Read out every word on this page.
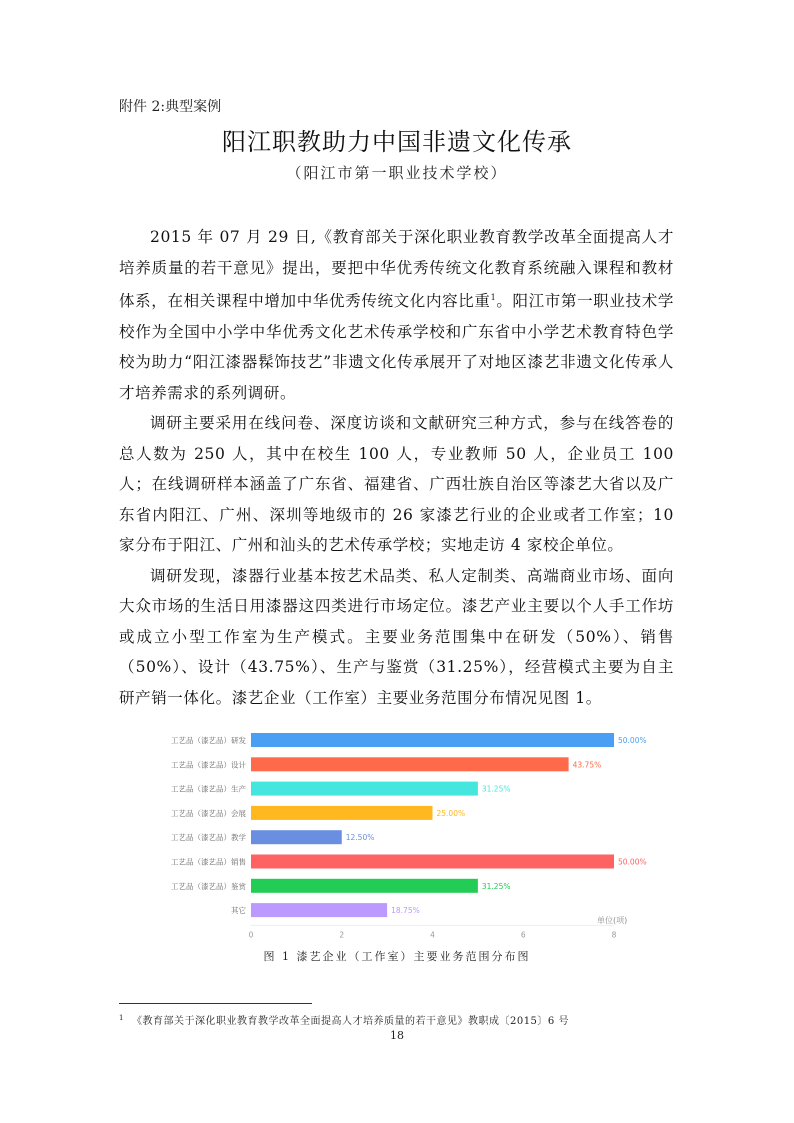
附件 2:典型案例
阳江职教助力中国非遗文化传承
（阳江市第一职业技术学校）

2015 年 07 月 29 日,《教育部关于深化职业教育教学改革全面提高人才培养质量的若干意见》提出，要把中华优秀传统文化教育系统融入课程和教材体系，在相关课程中增加中华优秀传统文化内容比重$^1$。阳江市第一职业技术学校作为全国中小学中华优秀文化艺术传承学校和广东省中小学艺术教育特色学校为助力“阳江漆器髹饰技艺”非遗文化传承展开了对地区漆艺非遗文化传承人才培养需求的系列调研。

调研主要采用在线问卷、深度访谈和文献研究三种方式，参与在线答卷的总人数为 250 人，其中在校生 100 人，专业教师 50 人，企业员工 100 人；在线调研样本涵盖了广东省、福建省、广西壮族自治区等漆艺大省以及广东省内阳江、广州、深圳等地级市的 26 家漆艺行业的企业或者工作室；10 家分布于阳江、广州和汕头的艺术传承学校；实地走访 4 家校企单位。

调研发现，漆器行业基本按艺术品类、私人定制类、高端商业市场、面向大众市场的生活日用漆器这四类进行市场定位。漆艺产业主要以个人手工作坊或成立小型工作室为生产模式。主要业务范围集中在研发（50%）、销售（50%）、设计（43.75%）、生产与鉴赏（31.25%），经营模式主要为自主研产销一体化。漆艺企业（工作室）主要业务范围分布情况见图 1。

工艺品（漆艺品）研发	50.00%
工艺品（漆艺品）设计	43.75%
工艺品（漆艺品）生产	31.25%
工艺品（漆艺品）会展	25.00%
工艺品（漆艺品）教学	12.50%
工艺品（漆艺品）销售	50.00%
工艺品（漆艺品）鉴赏	31.25%
其它	18.75%
0	2	4	6	8
单位(项)
图 1 漆艺企业（工作室）主要业务范围分布图
$^1$ 《教育部关于深化职业教育教学改革全面提高人才培养质量的若干意见》教职成〔2015〕6 号
18
